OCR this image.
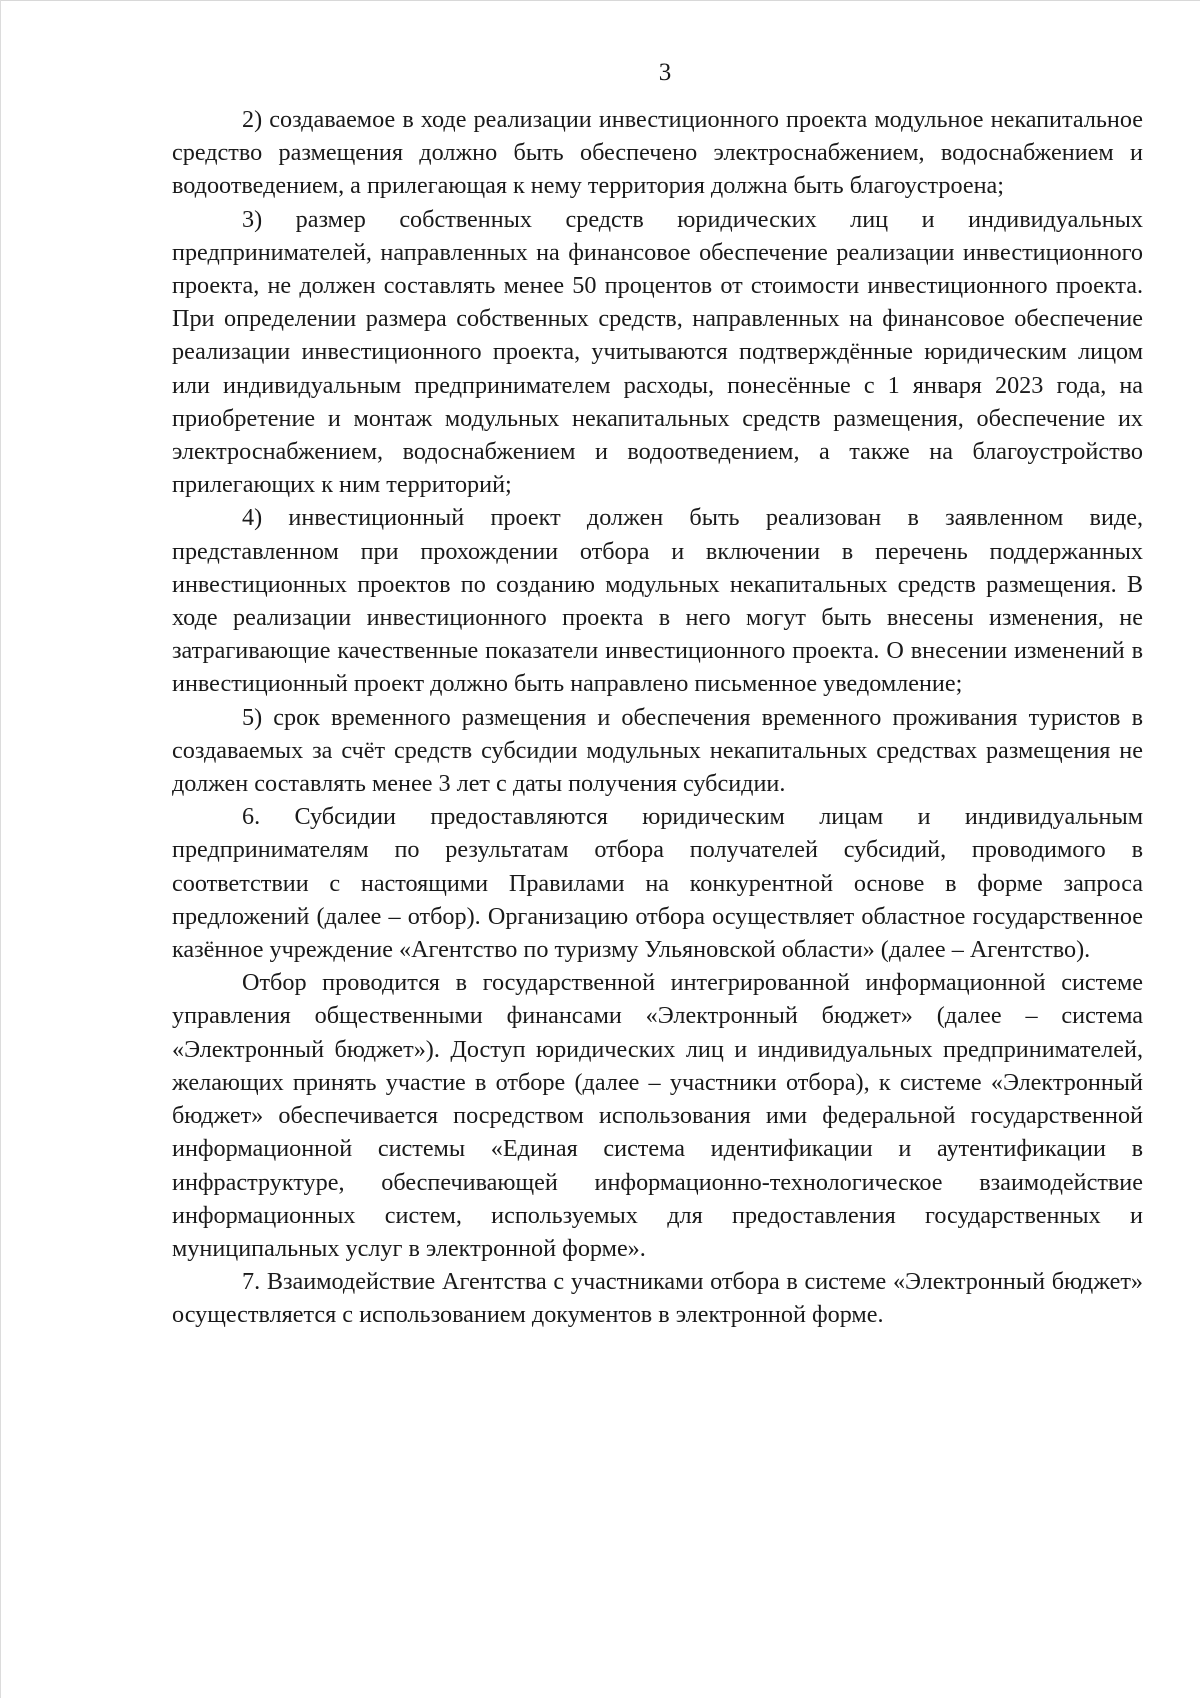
3

2) создаваемое в ходе реализации инвестиционного проекта модульное некапитальное средство размещения должно быть обеспечено электроснабжением, водоснабжением и водоотведением, а прилегающая к нему территория должна быть благоустроена;

3) размер собственных средств юридических лиц и индивидуальных предпринимателей, направленных на финансовое обеспечение реализации инвестиционного проекта, не должен составлять менее 50 процентов от стоимости инвестиционного проекта. При определении размера собственных средств, направленных на финансовое обеспечение реализации инвестиционного проекта, учитываются подтверждённые юридическим лицом или индивидуальным предпринимателем расходы, понесённые с 1 января 2023 года, на приобретение и монтаж модульных некапитальных средств размещения, обеспечение их электроснабжением, водоснабжением и водоотведением, а также на благоустройство прилегающих к ним территорий;

4) инвестиционный проект должен быть реализован в заявленном виде, представленном при прохождении отбора и включении в перечень поддержанных инвестиционных проектов по созданию модульных некапитальных средств размещения. В ходе реализации инвестиционного проекта в него могут быть внесены изменения, не затрагивающие качественные показатели инвестиционного проекта. О внесении изменений в инвестиционный проект должно быть направлено письменное уведомление;

5) срок временного размещения и обеспечения временного проживания туристов в создаваемых за счёт средств субсидии модульных некапитальных средствах размещения не должен составлять менее 3 лет с даты получения субсидии.

6. Субсидии предоставляются юридическим лицам и индивидуальным предпринимателям по результатам отбора получателей субсидий, проводимого в соответствии с настоящими Правилами на конкурентной основе в форме запроса предложений (далее – отбор). Организацию отбора осуществляет областное государственное казённое учреждение «Агентство по туризму Ульяновской области» (далее – Агентство).

Отбор проводится в государственной интегрированной информационной системе управления общественными финансами «Электронный бюджет» (далее – система «Электронный бюджет»). Доступ юридических лиц и индивидуальных предпринимателей, желающих принять участие в отборе (далее – участники отбора), к системе «Электронный бюджет» обеспечивается посредством использования ими федеральной государственной информационной системы «Единая система идентификации и аутентификации в инфраструктуре, обеспечивающей информационно-технологическое взаимодействие информационных систем, используемых для предоставления государственных и муниципальных услуг в электронной форме».

7. Взаимодействие Агентства с участниками отбора в системе «Электронный бюджет» осуществляется с использованием документов в электронной форме.
